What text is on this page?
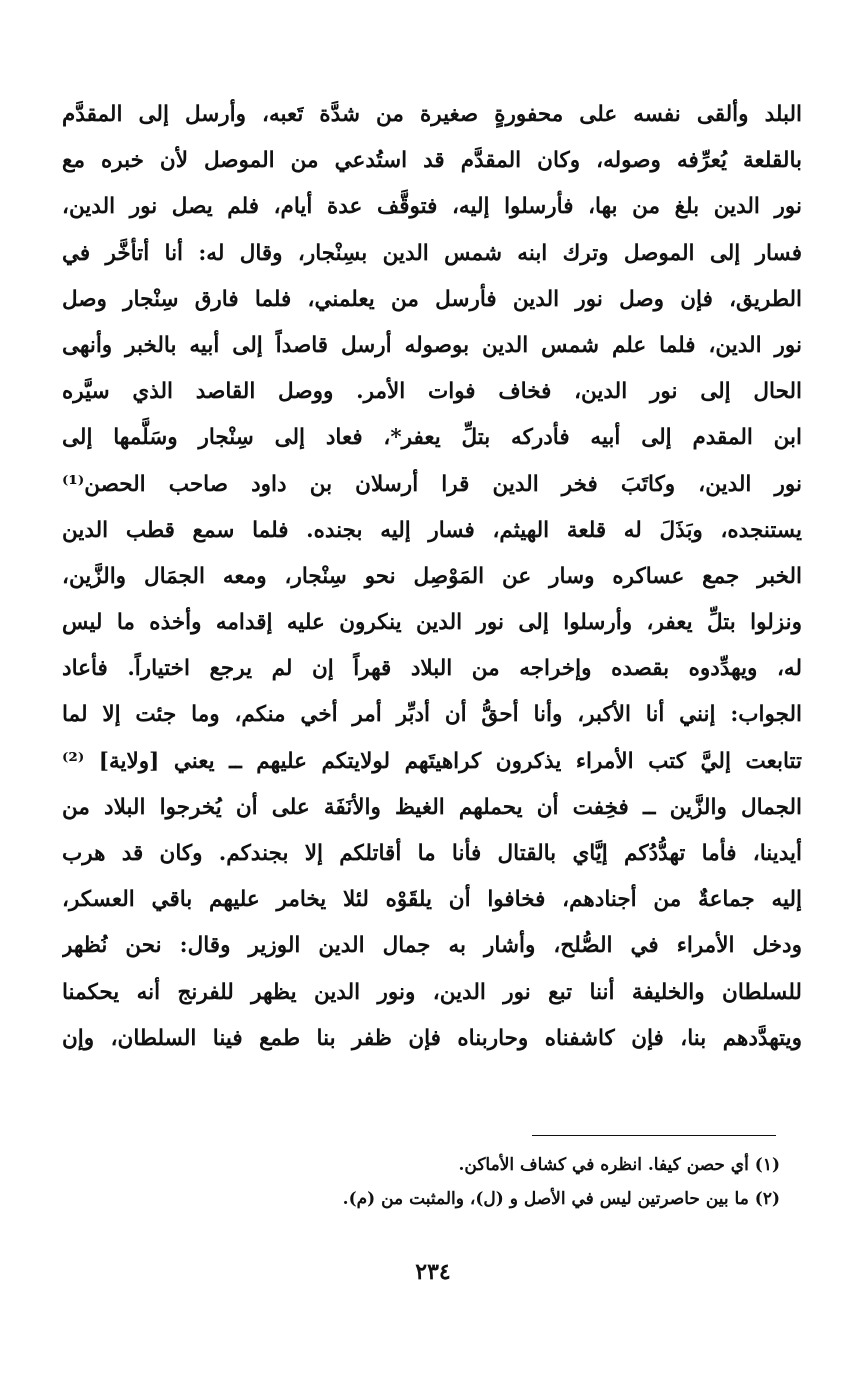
البلد وألقى نفسه على محفورةٍ صغيرة من شدَّة تَعبه، وأرسل إلى المقدَّم
بالقلعة يُعرِّفه وصوله، وكان المقدَّم قد استُدعي من الموصل لأن خبره مع
نور الدين بلغ من بها، فأرسلوا إليه، فتوقَّف عدة أيام، فلم يصل نور الدين،
فسار إلى الموصل وترك ابنه شمس الدين بسِنْجار، وقال له: أنا أتأخَّر في
الطريق، فإن وصل نور الدين فأرسل من يعلمني، فلما فارق سِنْجار وصل
نور الدين، فلما علم شمس الدين بوصوله أرسل قاصداً إلى أبيه بالخبر وأنهى
الحال إلى نور الدين، فخاف فوات الأمر. ووصل القاصد الذي سيَّره
ابن المقدم إلى أبيه فأدركه بتلِّ يعفر*، فعاد إلى سِنْجار وسَلَّمها إلى
نور الدين، وكاتَبَ فخر الدين قرا أرسلان بن داود صاحب الحصن⁽¹⁾
يستنجده، وبَذَلَ له قلعة الهيثم، فسار إليه بجنده. فلما سمع قطب الدين
الخبر جمع عساكره وسار عن المَوْصِل نحو سِنْجار، ومعه الجمَال والزَّين،
ونزلوا بتلِّ يعفر، وأرسلوا إلى نور الدين ينكرون عليه إقدامه وأخذه ما ليس
له، ويهدِّدوه بقصده وإخراجه من البلاد قهراً إن لم يرجع اختياراً. فأعاد
الجواب: إنني أنا الأكبر، وأنا أحقُّ أن أدبِّر أمر أخي منكم، وما جئت إلا لما
تتابعت إليَّ كتب الأمراء يذكرون كراهيتَهم لولايتكم عليهم ــ يعني [ولاية] ⁽²⁾
الجمال والزَّين ــ فخِفت أن يحملهم الغيظ والأنَفَة على أن يُخرجوا البلاد من
أيدينا، فأما تهدُّدُكم إيَّاي بالقتال فأنا ما أقاتلكم إلا بجندكم. وكان قد هرب
إليه جماعةٌ من أجنادهم، فخافوا أن يلقَوْه لئلا يخامر عليهم باقي العسكر،
ودخل الأمراء في الصُّلح، وأشار به جمال الدين الوزير وقال: نحن نُظهر
للسلطان والخليفة أننا تبع نور الدين، ونور الدين يظهر للفرنج أنه يحكمنا
ويتهدَّدهم بنا، فإن كاشفناه وحاربناه فإن ظفر بنا طمع فينا السلطان، وإن
(١) أي حصن كيفا. انظره في كشاف الأماكن.
(٢) ما بين حاصرتين ليس في الأصل و (ل)، والمثبت من (م).
٢٣٤
